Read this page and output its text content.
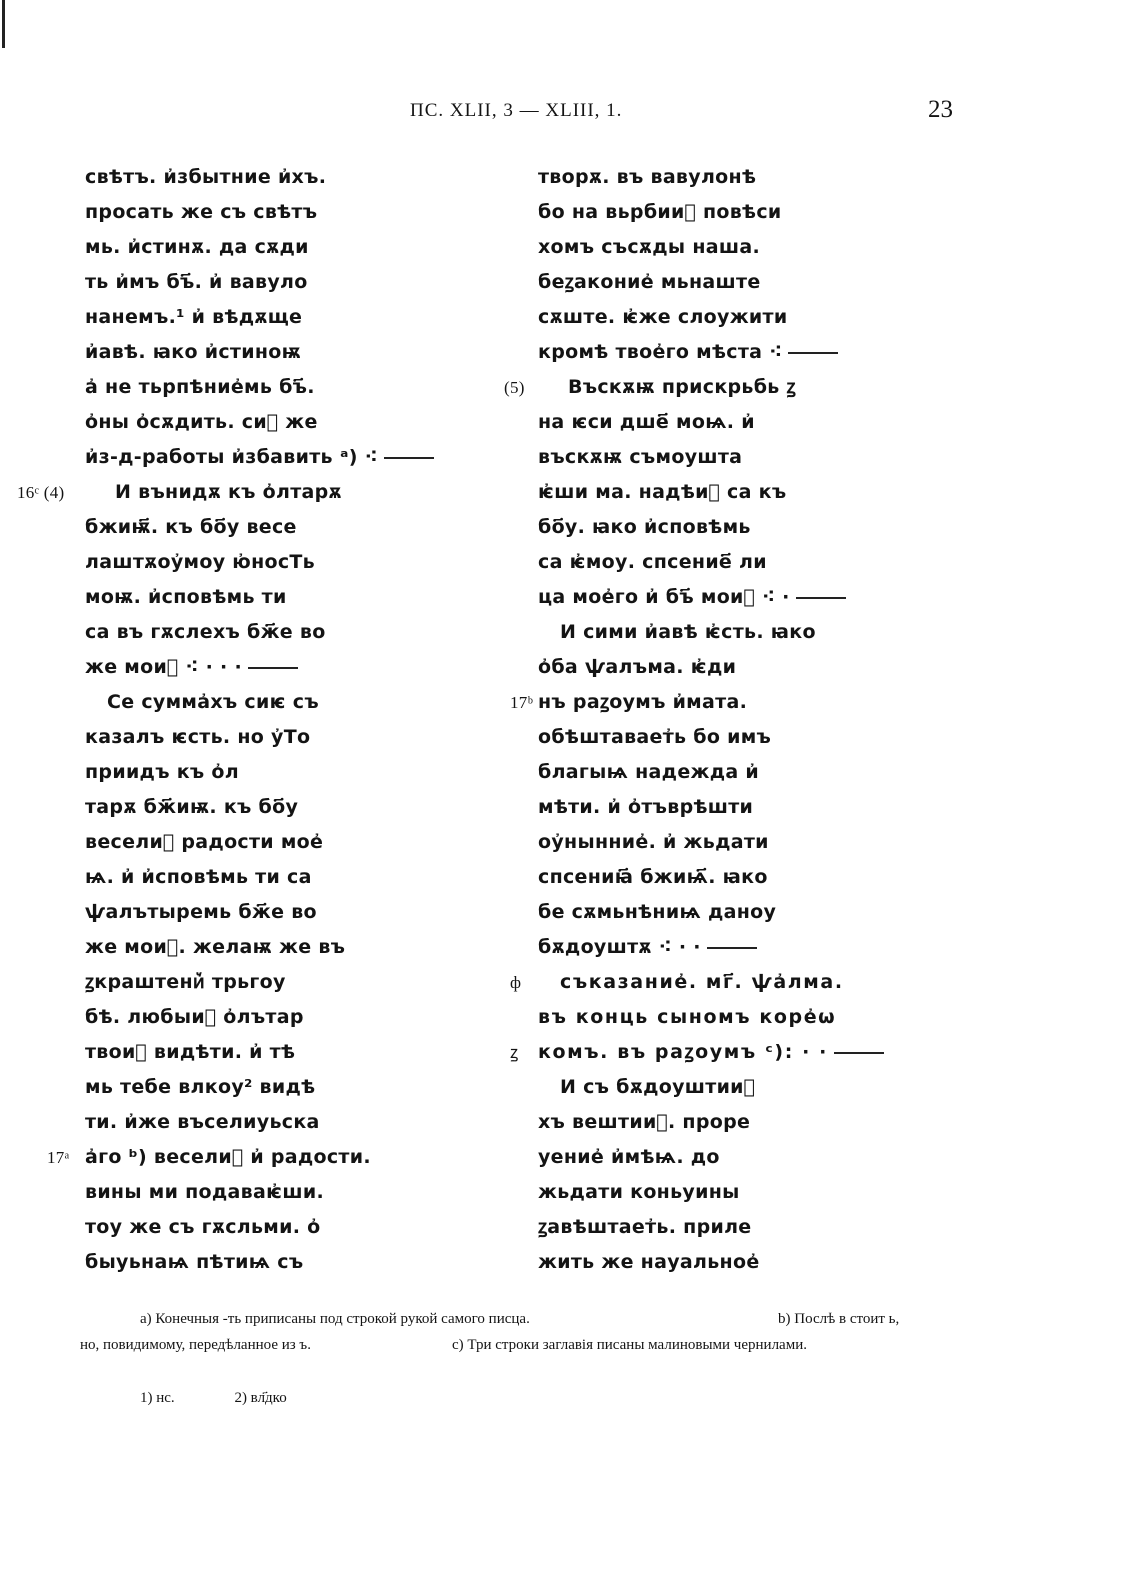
ПС. XLII, 3 — XLIII, 1.	23
свѣтъ. и҆збытние и҆хъ.
просать же съ свѣтъ
мь. и҆стинѫ. да сѫди
ть и҆мъ бъ҃. и҆ вавуло
нанемъ.¹ и҆ вѣдѫще
и҆авѣ. ꙗко и҆стиноѭ
а҆ не тьрпѣние҆мь бъ҃.
о҆ны о҆сѫдить. си꙽ же
и҆з-д-работы и҆збавить ᵃ) ⁖
16ᶜ (4)	И вънидѫ къ о҆лтарѫ
бжиѭ҃. къ бо҃у весе
лаштѫоу҆моу ю҆носТь
моѭ. и҆сповѣмь ти
са въ гѫслехъ бж҃е во
же мои꙽ ⁖ · · ·
Се сумма҆хъ сиѥ съ
казалъ ѥсть. но у҆То
приидъ къ о҆л
тарѫ бж҃иѭ. къ бо҃у
весели꙽ радости мое҆
ѩ. и҆ и҆сповѣмь ти са
ѱалътыремь бж҃е во
же мои꙽. желаѭ же въ
ꙁкраштени꙽ трьгоу
бѣ. любыи꙽ о҆лътар
твои꙽ видѣти. и҆ тѣ
мь тебе влкоу² видѣ
ти. и҆же въселиуьска
17ᵃ а҆го ᵇ) весели꙽ и҆ радости.
вины ми подаваѥ҆ши.
тоу же съ гѫсльми. о҆
быуьнаѩ пѣтиѩ съ
творѫ. въ вавулонѣ
бо на вьрбии꙽ повѣси
хомъ съсѫды наша.
беꙁаконие҆ мьнаште
сѫште. ѥ҆же слоужити
кромѣ твое҆го мѣста ⁖
(5) Въскѫѭ прискрьбь ꙁ
на ѥси дше҃ моѩ. и҆
въскѫѭ съмоушта
ѥ҆ши ма. надѣи꙽ са къ
бо҃у. ꙗко и҆сповѣмь
са ѥ҆моу. спсение҃ ли
ца мое҆го и҆ бъ҃ мои꙽ ⁖ ·
И сими и҆авѣ ѥ҆сть. ꙗко
о҆ба ѱалъма. ѥ҆ди
17ᵇ нъ раꙁоумъ и҆мата.
обѣштавает҆ь бо имъ
благыѩ надежда и҆
мѣти. и҆ о҆тъврѣшти
оу҆нынние҆. и҆ жьдати
спсениꙗ҃ бжиѩ҃. ꙗко
бе сѫмьнѣниѩ даноу
бѫдоуштѫ ⁖ · ·
ф съказание҆. мг҃. ѱа҆лма.
въ конць сыномъ коре҆ѡ
ꙁ комъ. въ раꙁоумъ ᶜ): · ·
И съ бѫдоуштии꙽
хъ вештии꙽. проре
уение҆ и҆мѣѩ. до
жьдати коньуины
ꙁавѣштает҆ь. приле
жить же науальное҆
а) Конечныя -ть приписаны под строкой рукой самого писца.	b) Послѣ в стоит ь,
но, повидимому, передѣланное из ъ.	с) Три строки заглавія писаны малиновыми чернилами.
1) нс.	2) вл҃дко
